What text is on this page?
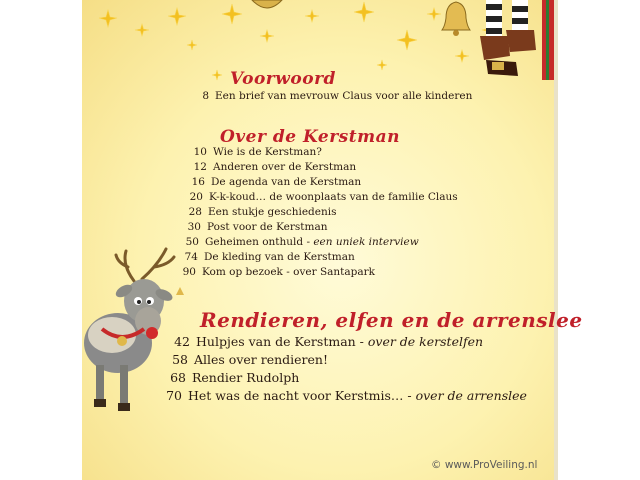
Voorwoord
8 Een brief van mevrouw Claus voor alle kinderen
Over de Kerstman
10 Wie is de Kerstman?
12 Anderen over de Kerstman
16 De agenda van de Kerstman
20 K-k-koud… de woonplaats van de familie Claus
28 Een stukje geschiedenis
30 Post voor de Kerstman
50 Geheimen onthuld - een uniek interview
74 De kleding van de Kerstman
90 Kom op bezoek - over Santapark
Rendieren, elfen en de arrenslee
42 Hulpjes van de Kerstman - over de kerstelfen
58 Alles over rendieren!
68 Rendier Rudolph
70 Het was de nacht voor Kerstmis… - over de arrenslee
© www.ProVeiling.nl
